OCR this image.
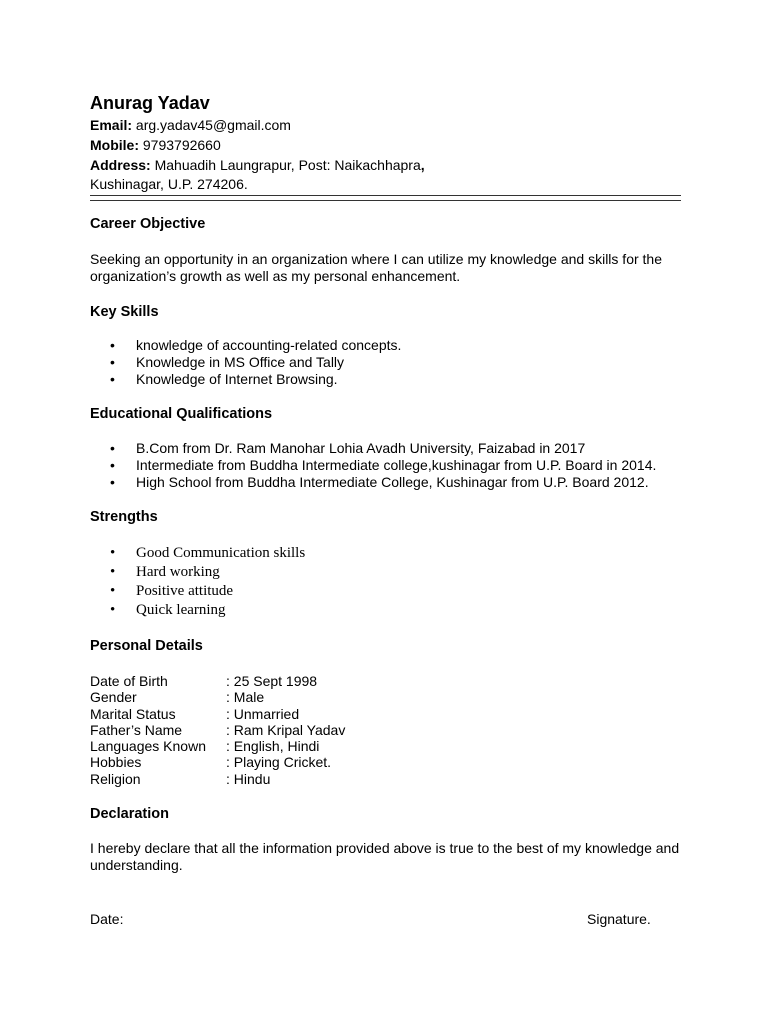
Anurag Yadav
Email: arg.yadav45@gmail.com
Mobile: 9793792660
Address: Mahuadih Laungrapur, Post: Naikachhapra,
Kushinagar, U.P. 274206.
Career Objective
Seeking an opportunity in an organization where I can utilize my knowledge and skills for the organization’s growth as well as my personal enhancement.
Key Skills
• knowledge of accounting-related concepts.
• Knowledge in MS Office and Tally
• Knowledge of Internet Browsing.
Educational Qualifications
• B.Com from Dr. Ram Manohar Lohia Avadh University, Faizabad in 2017
• Intermediate from Buddha Intermediate college,kushinagar from U.P. Board in 2014.
• High School from Buddha Intermediate College, Kushinagar from U.P. Board 2012.
Strengths
• Good Communication skills
• Hard working
• Positive attitude
• Quick learning
Personal Details
Date of Birth	: 25 Sept 1998
Gender	: Male
Marital Status	: Unmarried
Father’s Name	: Ram Kripal Yadav
Languages Known : English, Hindi
Hobbies	: Playing Cricket.
Religion	: Hindu
Declaration
I hereby declare that all the information provided above is true to the best of my knowledge and understanding.
Date:	Signature.
